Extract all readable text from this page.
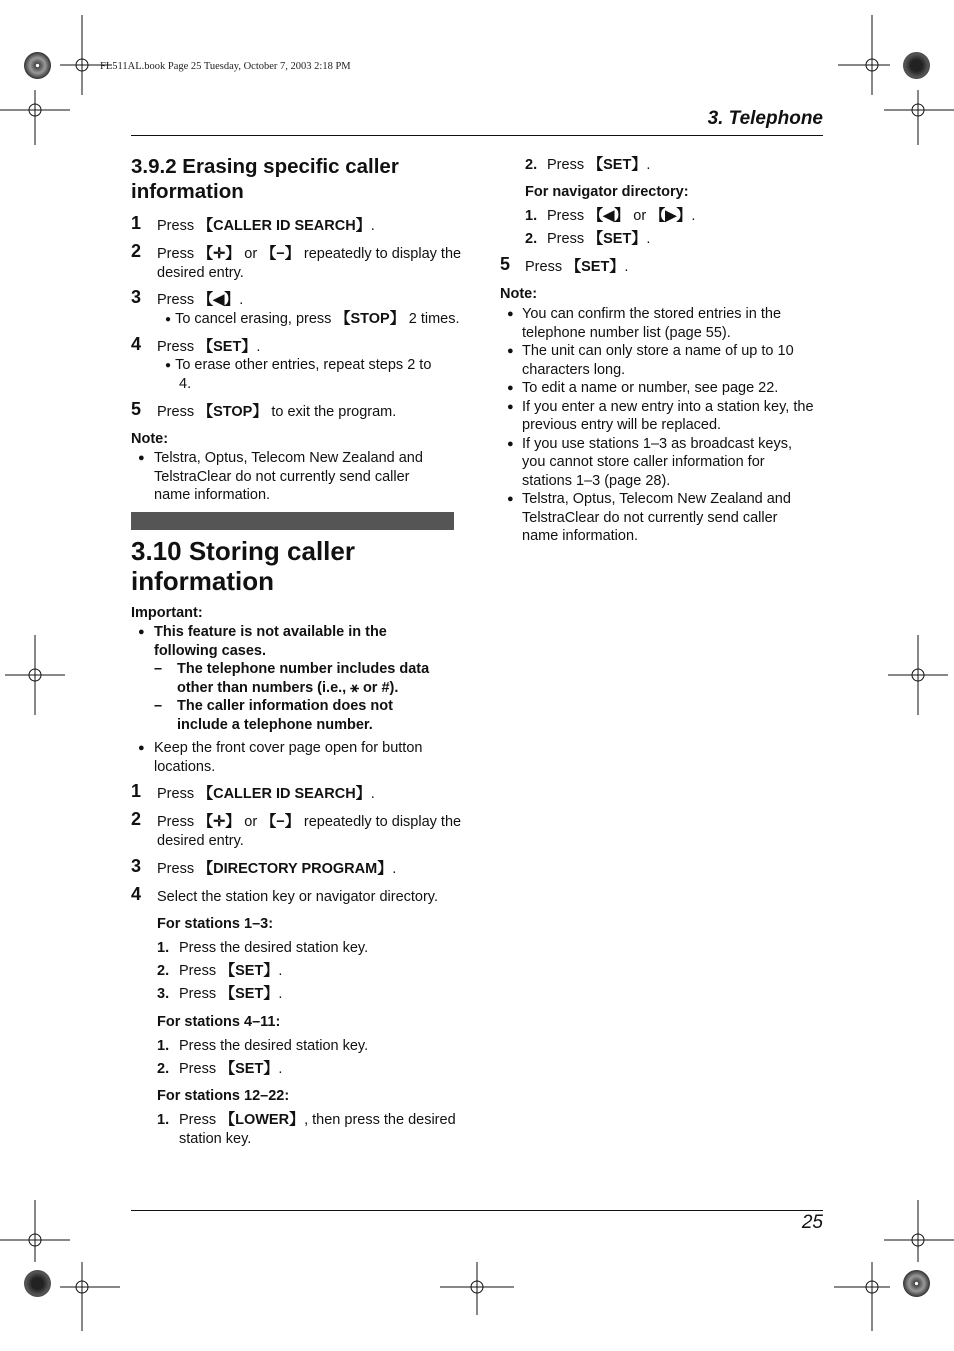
FL511AL.book Page 25 Tuesday, October 7, 2003 2:18 PM
3. Telephone
3.9.2 Erasing specific caller
information
1 Press 【CALLER ID SEARCH】.
2 Press 【✛】 or 【−】 repeatedly to display the
desired entry.
3 Press 【◀】.
● To cancel erasing, press 【STOP】 2 times.
4 Press 【SET】.
● To erase other entries, repeat steps 2 to
4.
5 Press 【STOP】 to exit the program.
Note:
● Telstra, Optus, Telecom New Zealand and
TelstraClear do not currently send caller
name information.
3.10 Storing caller
information
Important:
● This feature is not available in the
following cases.
– The telephone number includes data
other than numbers (i.e., ⚹ or #).
– The caller information does not
include a telephone number.
● Keep the front cover page open for button
locations.
1 Press 【CALLER ID SEARCH】.
2 Press 【✛】 or 【−】 repeatedly to display the
desired entry.
3 Press 【DIRECTORY PROGRAM】.
4 Select the station key or navigator directory.
For stations 1–3:
1. Press the desired station key.
2. Press 【SET】.
3. Press 【SET】.
For stations 4–11:
1. Press the desired station key.
2. Press 【SET】.
For stations 12–22:
1. Press 【LOWER】, then press the desired
station key.
2. Press 【SET】.
For navigator directory:
1. Press 【◀】 or 【▶】.
2. Press 【SET】.
5 Press 【SET】.
Note:
● You can confirm the stored entries in the
telephone number list (page 55).
● The unit can only store a name of up to 10
characters long.
● To edit a name or number, see page 22.
● If you enter a new entry into a station key, the
previous entry will be replaced.
● If you use stations 1–3 as broadcast keys,
you cannot store caller information for
stations 1–3 (page 28).
● Telstra, Optus, Telecom New Zealand and
TelstraClear do not currently send caller
name information.
25
